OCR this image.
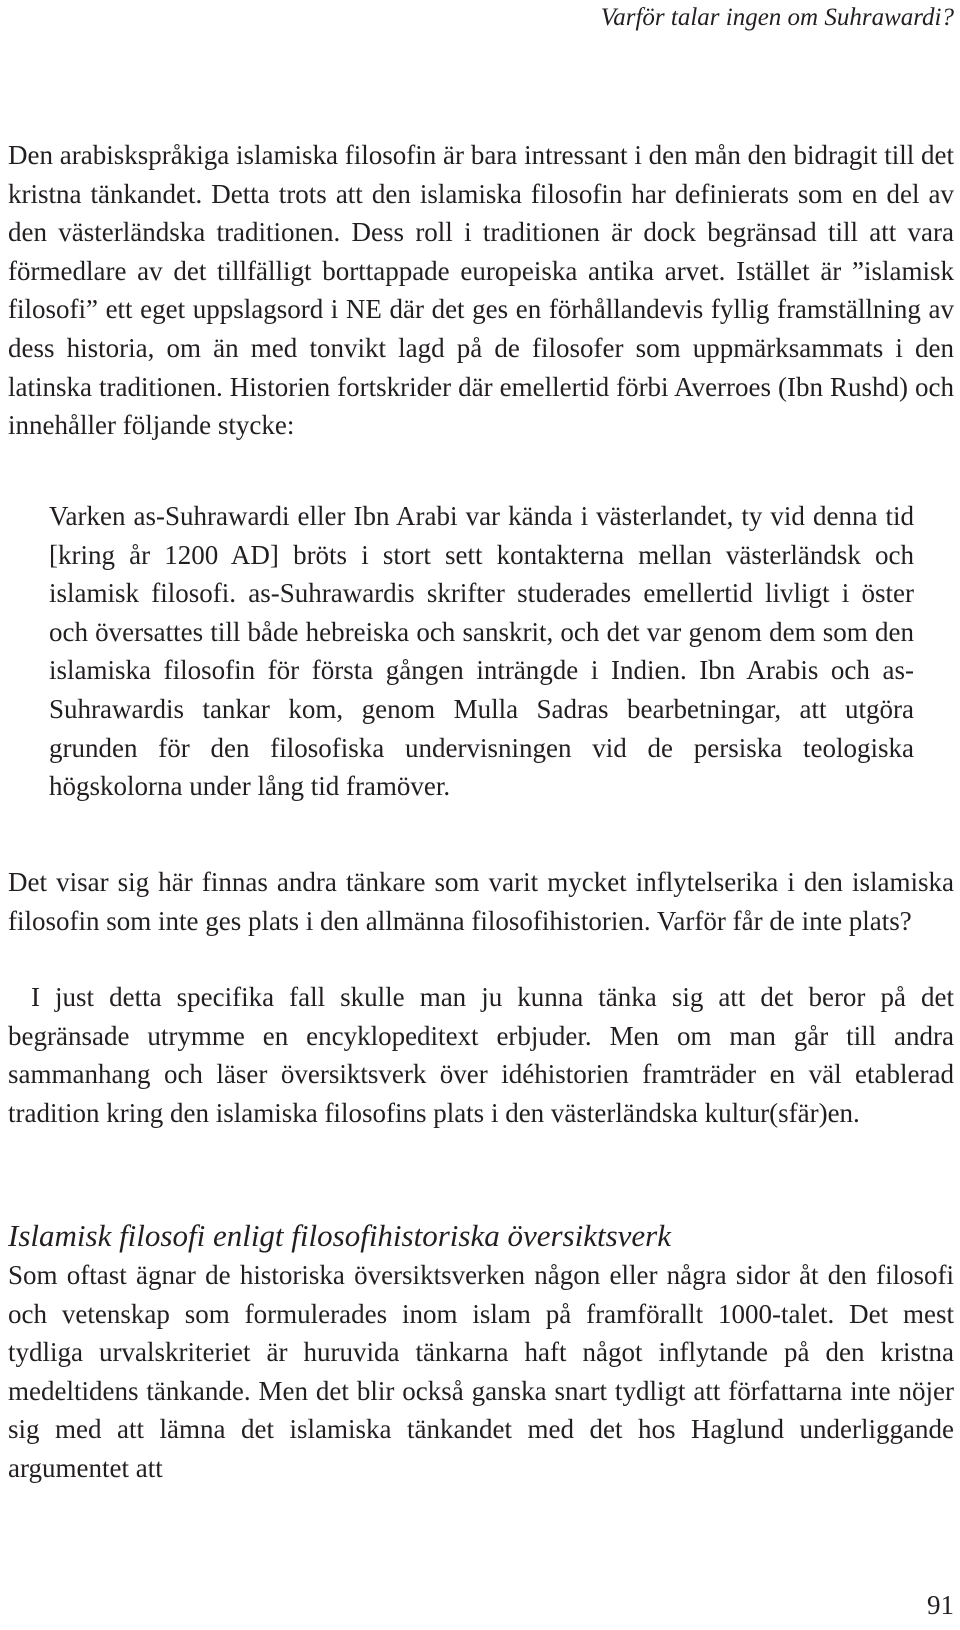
Varför talar ingen om Suhrawardi?

Den arabiskspråkiga islamiska filosofin är bara intressant i den mån den bidragit till det kristna tänkandet. Detta trots att den islamiska filosofin har definierats som en del av den västerländska traditionen. Dess roll i traditionen är dock begränsad till att vara förmedlare av det tillfälligt borttappade europeiska antika arvet. Istället är ”islamisk filosofi” ett eget uppslagsord i NE där det ges en förhållandevis fyllig framställning av dess historia, om än med tonvikt lagd på de filosofer som uppmärksammats i den latinska traditionen. Historien fortskrider där emellertid förbi Averroes (Ibn Rushd) och innehåller följande stycke:

Varken as-Suhrawardi eller Ibn Arabi var kända i västerlandet, ty vid denna tid [kring år 1200 AD] bröts i stort sett kontakterna mellan västerländsk och islamisk filosofi. as-Suhrawardis skrifter studerades emellertid livligt i öster och översattes till både hebreiska och sanskrit, och det var genom dem som den islamiska filosofin för första gången inträngde i Indien. Ibn Arabis och as-Suhrawardis tankar kom, genom Mulla Sadras bearbetningar, att utgöra grunden för den filosofiska undervisningen vid de persiska teologiska högskolorna under lång tid framöver.

Det visar sig här finnas andra tänkare som varit mycket inflytelserika i den islamiska filosofin som inte ges plats i den allmänna filosofihistorien. Varför får de inte plats?

I just detta specifika fall skulle man ju kunna tänka sig att det beror på det begränsade utrymme en encyklopeditext erbjuder. Men om man går till andra sammanhang och läser översiktsverk över idéhistorien framträder en väl etablerad tradition kring den islamiska filosofins plats i den västerländska kultur(sfär)en.

Islamisk filosofi enligt filosofihistoriska översiktsverk

Som oftast ägnar de historiska översiktsverken någon eller några sidor åt den filosofi och vetenskap som formulerades inom islam på framförallt 1000-talet. Det mest tydliga urvalskriteriet är huruvida tänkarna haft något inflytande på den kristna medeltidens tänkande. Men det blir också ganska snart tydligt att författarna inte nöjer sig med att lämna det islamiska tänkandet med det hos Haglund underliggande argumentet att

91
